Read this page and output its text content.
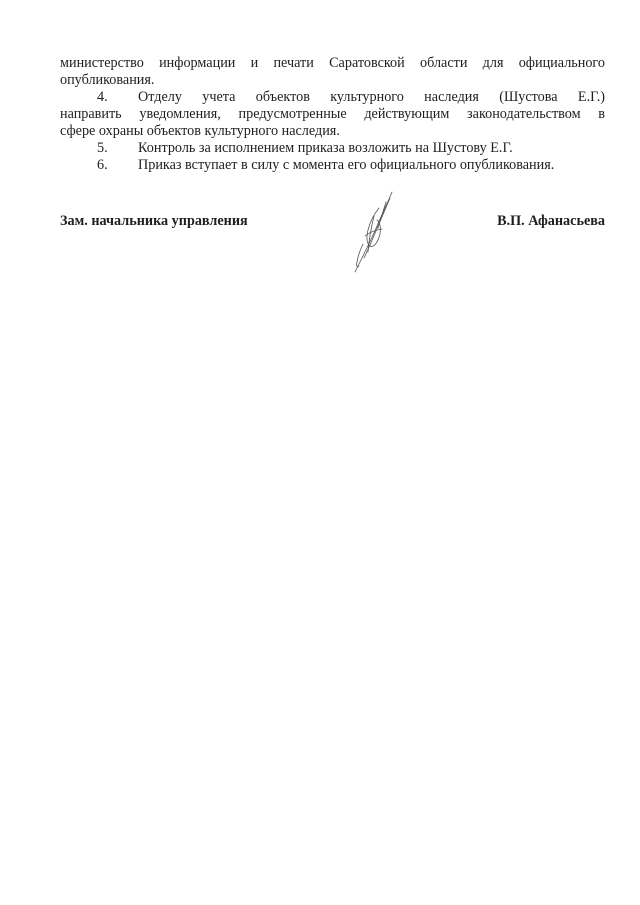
министерство информации и печати Саратовской области для официального
опубликования.
4.	Отделу учета объектов культурного наследия (Шустова Е.Г.)
направить уведомления, предусмотренные действующим законодательством в
сфере охраны объектов культурного наследия.
5.	Контроль за исполнением приказа возложить на Шустову Е.Г.
6.	Приказ вступает в силу с момента его официального опубликования.
Зам. начальника управления	В.П. Афанасьева
